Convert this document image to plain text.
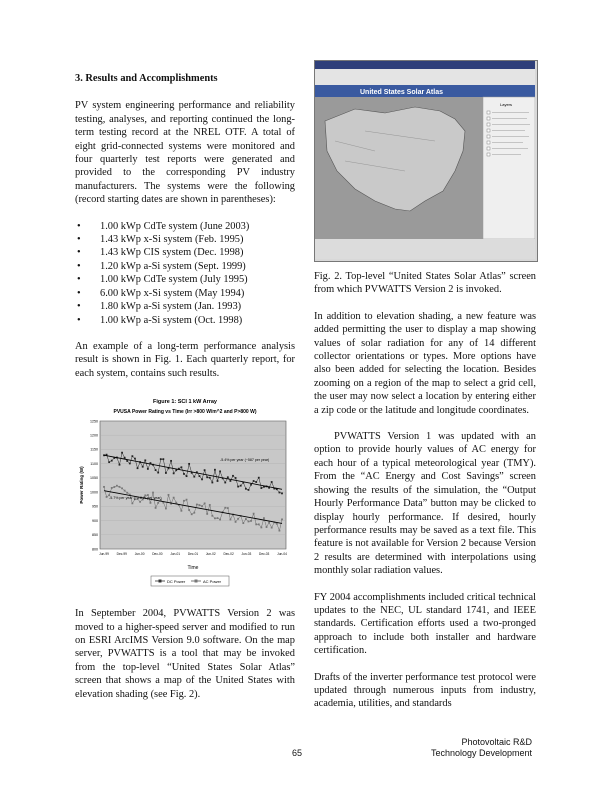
3. Results and Accomplishments

PV system engineering performance and reliability testing, analyses, and reporting continued the long-term testing record at the NREL OTF. A total of eight grid-connected systems were monitored and four quarterly test reports were generated and provided to the corresponding PV industry manufacturers. The systems were the following (record starting dates are shown in parentheses):

• 1.00 kWp CdTe system (June 2003)
• 1.43 kWp x-Si system (Feb. 1995)
• 1.43 kWp CIS system (Dec. 1998)
• 1.20 kWp a-Si system (Sept. 1999)
• 1.00 kWp CdTe system (July 1995)
• 6.00 kWp x-Si system (May 1994)
• 1.80 kWp a-Si system (Jan. 1993)
• 1.00 kWp a-Si system (Oct. 1998)

An example of a long-term performance analysis result is shown in Fig. 1. Each quarterly report, for each system, contains such results.

Figure 1: SCI 1 kW Array
PVUSA Power Rating vs Time (Irr >800 W/m^2 and P>800 W)
800
850
900
950
1000
1050
1100
1150
1200
1250
Jun-99 Dec-99 Jun-00 Dec-00 Jun-01 Dec-01 Jun-02 Dec-02 Jun-03 Dec-03 Jun-04
-5.4% per year (~587 per year)
-5.7% per year (~5.8 W per year)
Power Rating (W)
Time
DC Power	AC Power

In September 2004, PVWATTS Version 2 was moved to a higher-speed server and modified to run on ESRI ArcIMS Version 9.0 software. On the map server, PVWATTS is a tool that may be invoked from the top-level “United States Solar Atlas” screen that shows a map of the United States with elevation shading (see Fig. 2).

United States Solar Atlas
Layers

Fig. 2. Top-level “United States Solar Atlas” screen from which PVWATTS Version 2 is invoked.

In addition to elevation shading, a new feature was added permitting the user to display a map showing values of solar radiation for any of 14 different collector orientations or types. More options have also been added for selecting the location. Besides zooming on a region of the map to select a grid cell, the user may now select a location by entering either a zip code or the latitude and longitude coordinates.

PVWATTS Version 1 was updated with an option to provide hourly values of AC energy for each hour of a typical meteorological year (TMY). From the “AC Energy and Cost Savings” screen showing the results of the simulation, the “Output Hourly Performance Data” button may be clicked to display hourly performance. If desired, hourly performance results may be saved as a text file. This feature is not available for Version 2 because Version 2 results are determined with interpolations using monthly solar radiation values.

FY 2004 accomplishments included critical technical updates to the NEC, UL standard 1741, and IEEE standards. Certification efforts used a two-pronged approach to include both installer and hardware certification.

Drafts of the inverter performance test protocol were updated through numerous inputs from industry, academia, utilities, and standards

Photovoltaic R&D
Technology Development
65
